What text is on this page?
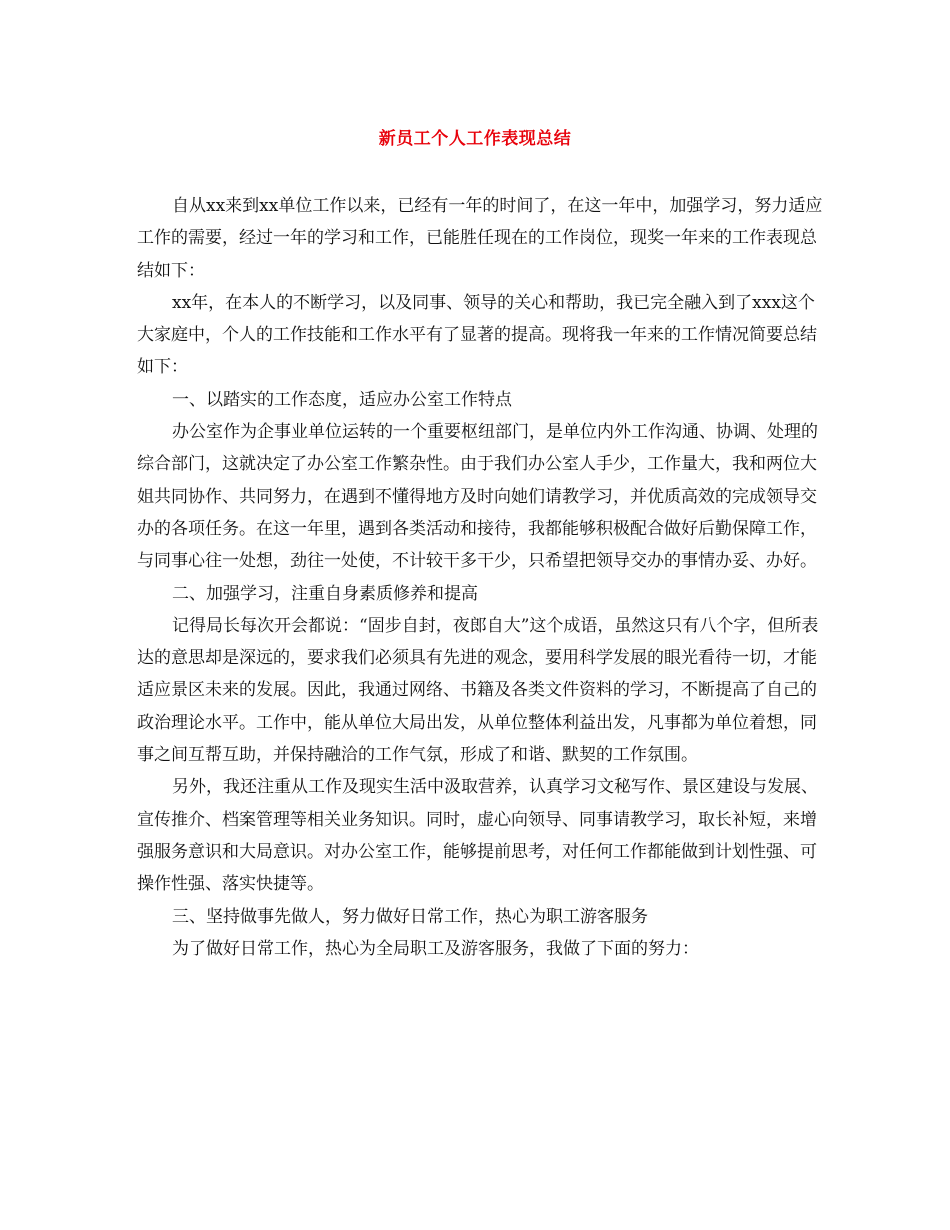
新员工个人工作表现总结

自从xx来到xx单位工作以来，已经有一年的时间了，在这一年中，加强学习，努力适应工作的需要，经过一年的学习和工作，已能胜任现在的工作岗位，现奖一年来的工作表现总结如下：

xx年，在本人的不断学习，以及同事、领导的关心和帮助，我已完全融入到了xxx这个大家庭中，个人的工作技能和工作水平有了显著的提高。现将我一年来的工作情况简要总结如下：

一、以踏实的工作态度，适应办公室工作特点

办公室作为企事业单位运转的一个重要枢纽部门，是单位内外工作沟通、协调、处理的综合部门，这就决定了办公室工作繁杂性。由于我们办公室人手少，工作量大，我和两位大姐共同协作、共同努力，在遇到不懂得地方及时向她们请教学习，并优质高效的完成领导交办的各项任务。在这一年里，遇到各类活动和接待，我都能够积极配合做好后勤保障工作，与同事心往一处想，劲往一处使，不计较干多干少，只希望把领导交办的事情办妥、办好。

二、加强学习，注重自身素质修养和提高

记得局长每次开会都说：“固步自封，夜郎自大”这个成语，虽然这只有八个字，但所表达的意思却是深远的，要求我们必须具有先进的观念，要用科学发展的眼光看待一切，才能适应景区未来的发展。因此，我通过网络、书籍及各类文件资料的学习，不断提高了自己的政治理论水平。工作中，能从单位大局出发，从单位整体利益出发，凡事都为单位着想，同事之间互帮互助，并保持融洽的工作气氛，形成了和谐、默契的工作氛围。

另外，我还注重从工作及现实生活中汲取营养，认真学习文秘写作、景区建设与发展、宣传推介、档案管理等相关业务知识。同时，虚心向领导、同事请教学习，取长补短，来增强服务意识和大局意识。对办公室工作，能够提前思考，对任何工作都能做到计划性强、可操作性强、落实快捷等。

三、坚持做事先做人，努力做好日常工作，热心为职工游客服务

为了做好日常工作，热心为全局职工及游客服务，我做了下面的努力：
